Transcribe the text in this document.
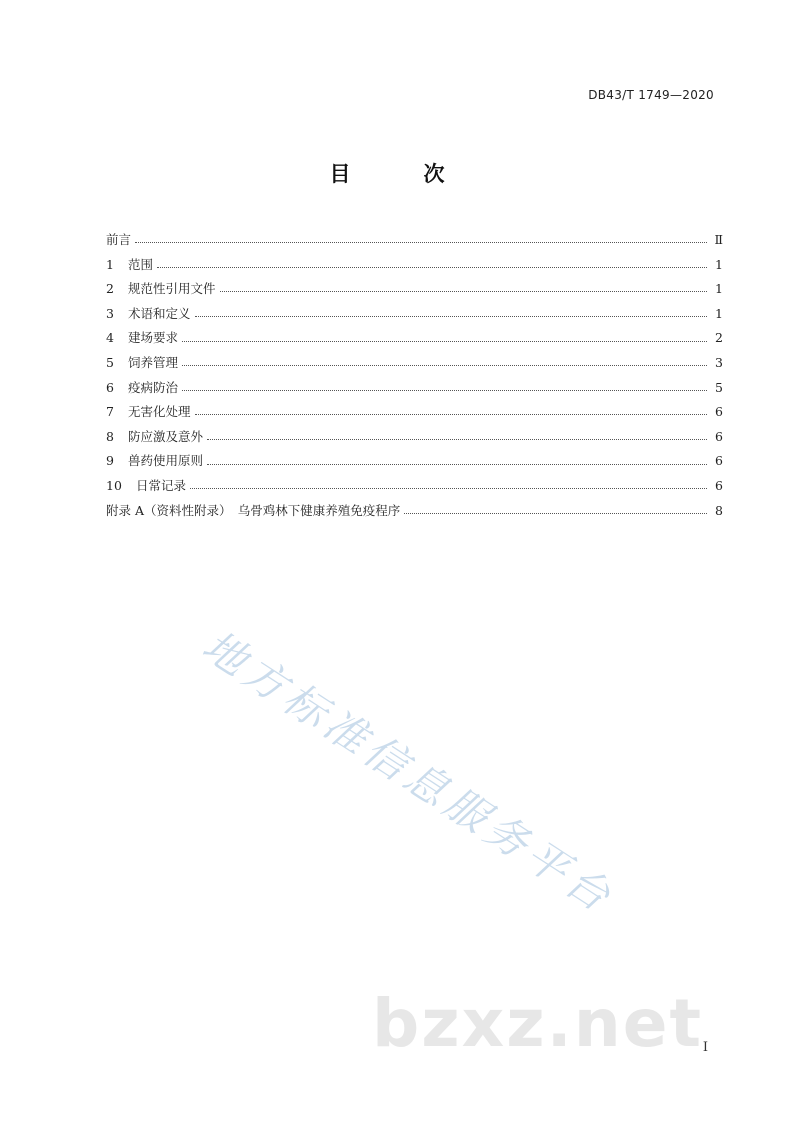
DB43/T 1749—2020
目　次
前言	Ⅱ
1	范围	1
2	规范性引用文件	1
3	术语和定义	1
4	建场要求	2
5	饲养管理	3
6	疫病防治	5
7	无害化处理	6
8	防应激及意外	6
9	兽药使用原则	6
10	日常记录	6
附录 A（资料性附录）　乌骨鸡林下健康养殖免疫程序	8
地方标准信息服务平台
bzxz.net Ⅰ
